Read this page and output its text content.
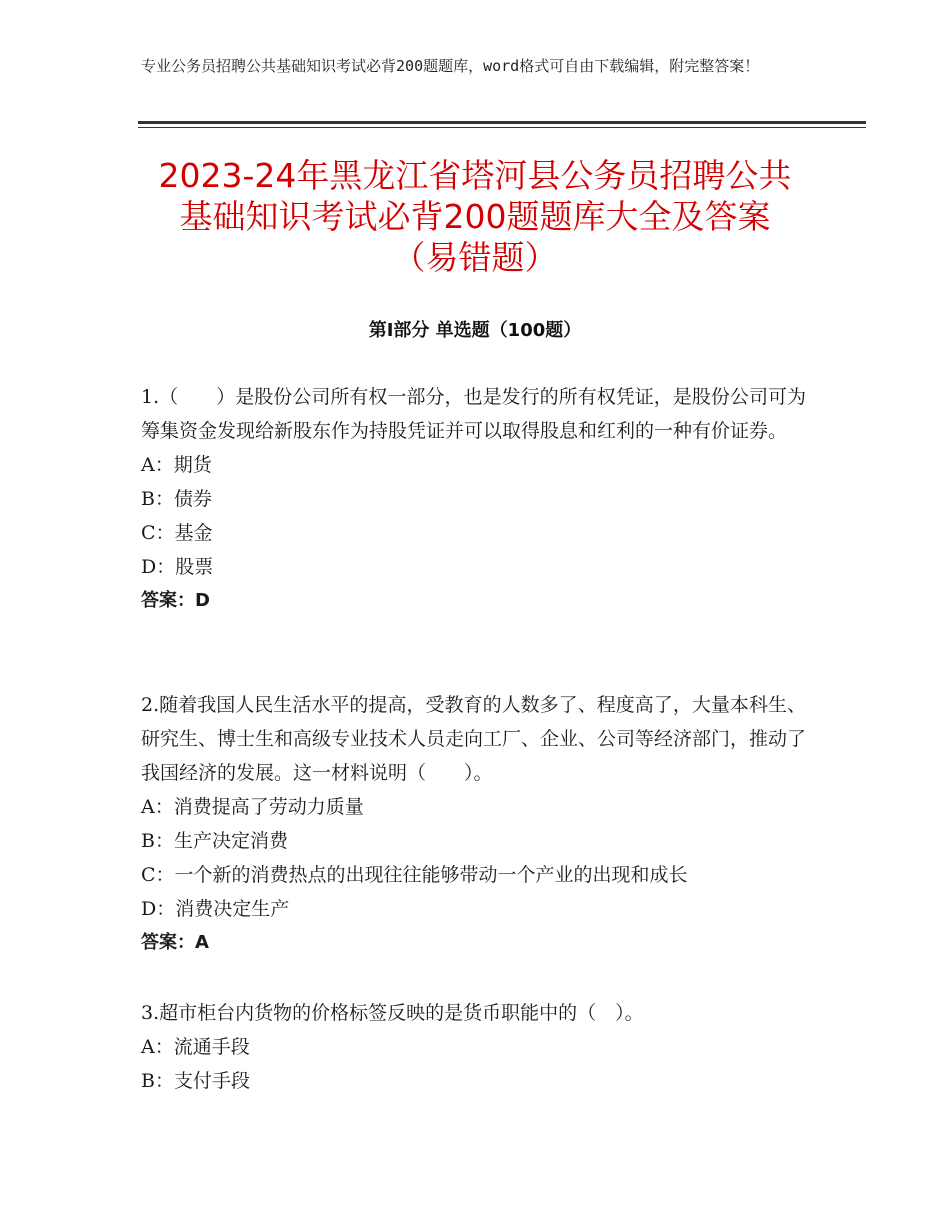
专业公务员招聘公共基础知识考试必背200题题库，word格式可自由下载编辑，附完整答案！
2023-24年黑龙江省塔河县公务员招聘公共
基础知识考试必背200题题库大全及答案
（易错题）
第Ⅰ部分 单选题（100题）

1.（　　）是股份公司所有权一部分，也是发行的所有权凭证，是股份公司可为筹集资金发现给新股东作为持股凭证并可以取得股息和红利的一种有价证券。

A：期货

B：债券

C：基金

D：股票

答案：D

2.随着我国人民生活水平的提高，受教育的人数多了、程度高了，大量本科生、研究生、博士生和高级专业技术人员走向工厂、企业、公司等经济部门，推动了我国经济的发展。这一材料说明（　　）。

A：消费提高了劳动力质量

B：生产决定消费

C：一个新的消费热点的出现往往能够带动一个产业的出现和成长

D：消费决定生产

答案：A

3.超市柜台内货物的价格标签反映的是货币职能中的（　）。

A：流通手段

B：支付手段
